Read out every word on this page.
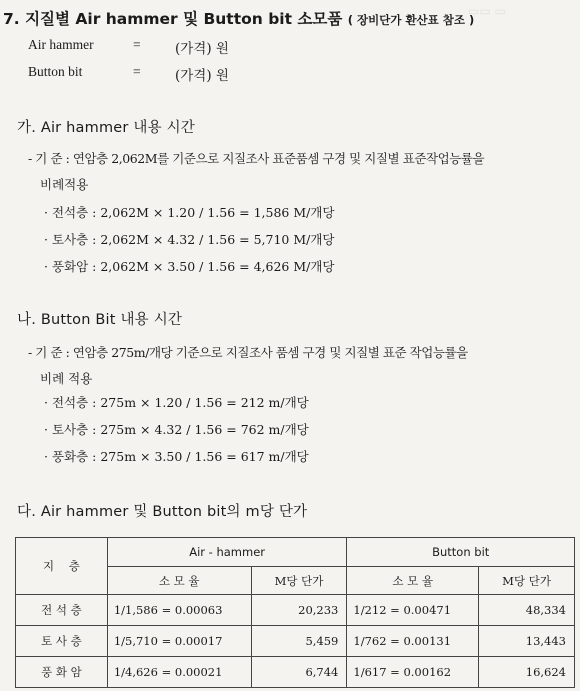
▭▭ ▭
7. 지질별 Air hammer 및 Button bit 소모품 ( 장비단가 환산표 참조 )
Air hammer	=	(가격) 원
Button bit	=	(가격) 원
가. Air hammer 내용 시간
- 기 준 : 연암층 2,062M를 기준으로 지질조사 표준품셈 구경 및 지질별 표준작업능률을
비례적용
· 전석층 : 2,062M × 1.20 / 1.56 = 1,586 M/개당
· 토사층 : 2,062M × 4.32 / 1.56 = 5,710 M/개당
· 풍화암 : 2,062M × 3.50 / 1.56 = 4,626 M/개당
나. Button Bit 내용 시간
- 기 준 : 연암층 275m/개당 기준으로 지질조사 품셈 구경 및 지질별 표준 작업능률을
비례 적용
· 전석층 : 275m × 1.20 / 1.56 = 212 m/개당
· 토사층 : 275m × 4.32 / 1.56 = 762 m/개당
· 풍화층 : 275m × 3.50 / 1.56 = 617 m/개당
다. Air hammer 및 Button bit의 m당 단가
지    층	Air - hammer		Button bit	
	소 모 율	M당 단가	소 모 율	M당 단가
전 석 층	1/1,586 = 0.00063	20,233	1/212 = 0.00471	48,334
토 사 층	1/5,710 = 0.00017	5,459	1/762 = 0.00131	13,443
풍 화 암	1/4,626 = 0.00021	6,744	1/617 = 0.00162	16,624
